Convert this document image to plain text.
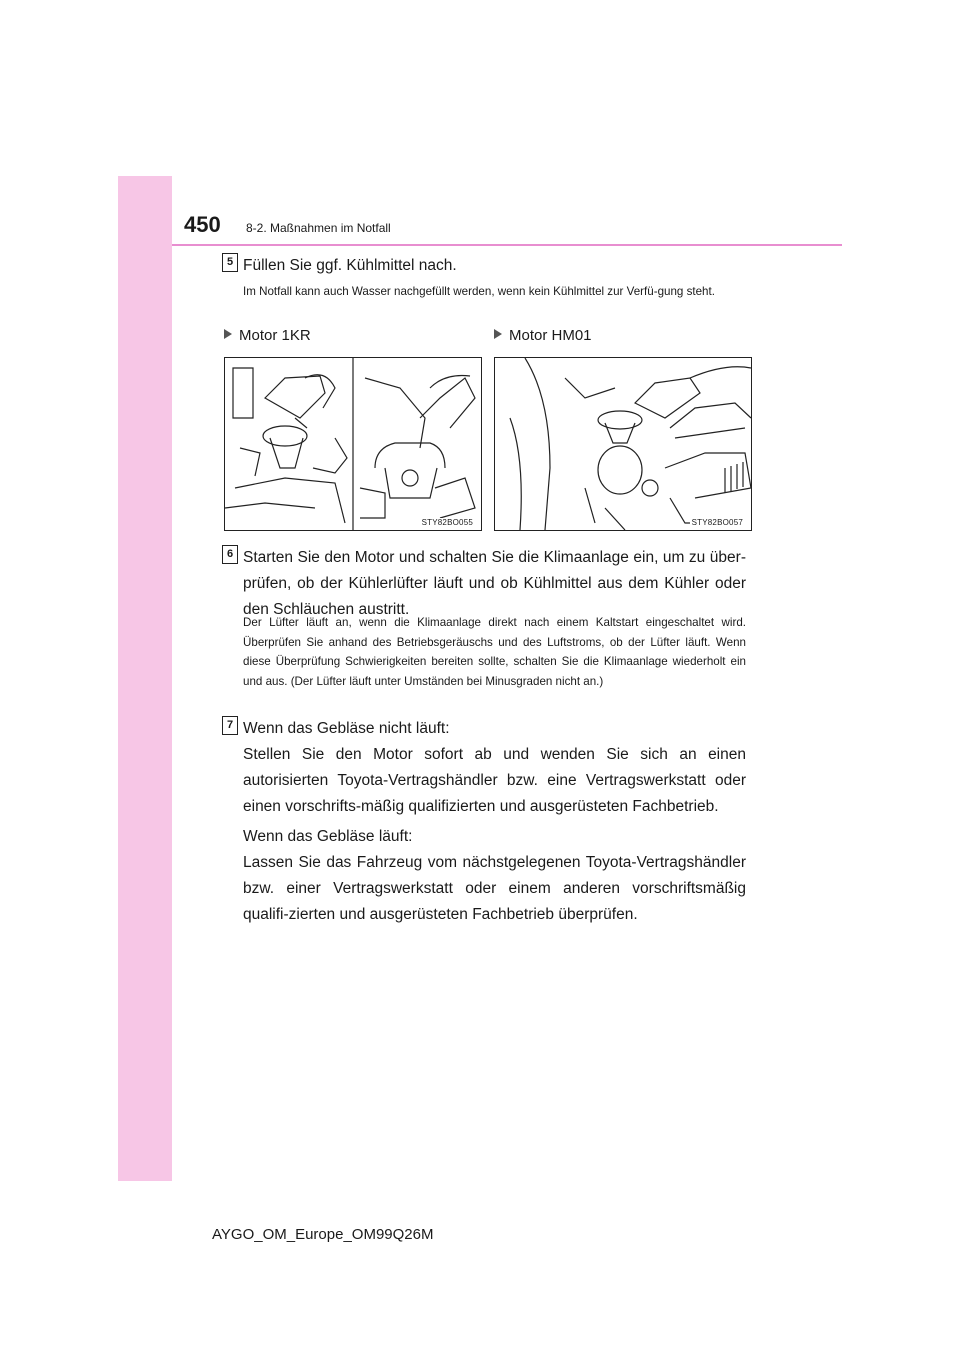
450 8-2. Maßnahmen im Notfall
5 Füllen Sie ggf. Kühlmittel nach.
Im Notfall kann auch Wasser nachgefüllt werden, wenn kein Kühlmittel zur Verfü-gung steht.
Motor 1KR	Motor HM01
STY82BO055	STY82BO057
6 Starten Sie den Motor und schalten Sie die Klimaanlage ein, um zu über-prüfen, ob der Kühlerlüfter läuft und ob Kühlmittel aus dem Kühler oder den Schläuchen austritt.
Der Lüfter läuft an, wenn die Klimaanlage direkt nach einem Kaltstart eingeschaltet wird. Überprüfen Sie anhand des Betriebsgeräuschs und des Luftstroms, ob der Lüfter läuft. Wenn diese Überprüfung Schwierigkeiten bereiten sollte, schalten Sie die Klimaanlage wiederholt ein und aus. (Der Lüfter läuft unter Umständen bei Minusgraden nicht an.)
7 Wenn das Gebläse nicht läuft:
Stellen Sie den Motor sofort ab und wenden Sie sich an einen autorisierten Toyota-Vertragshändler bzw. eine Vertragswerkstatt oder einen vorschrifts-mäßig qualifizierten und ausgerüsteten Fachbetrieb.
Wenn das Gebläse läuft:
Lassen Sie das Fahrzeug vom nächstgelegenen Toyota-Vertragshändler bzw. einer Vertragswerkstatt oder einem anderen vorschriftsmäßig qualifi-zierten und ausgerüsteten Fachbetrieb überprüfen.
AYGO_OM_Europe_OM99Q26M
